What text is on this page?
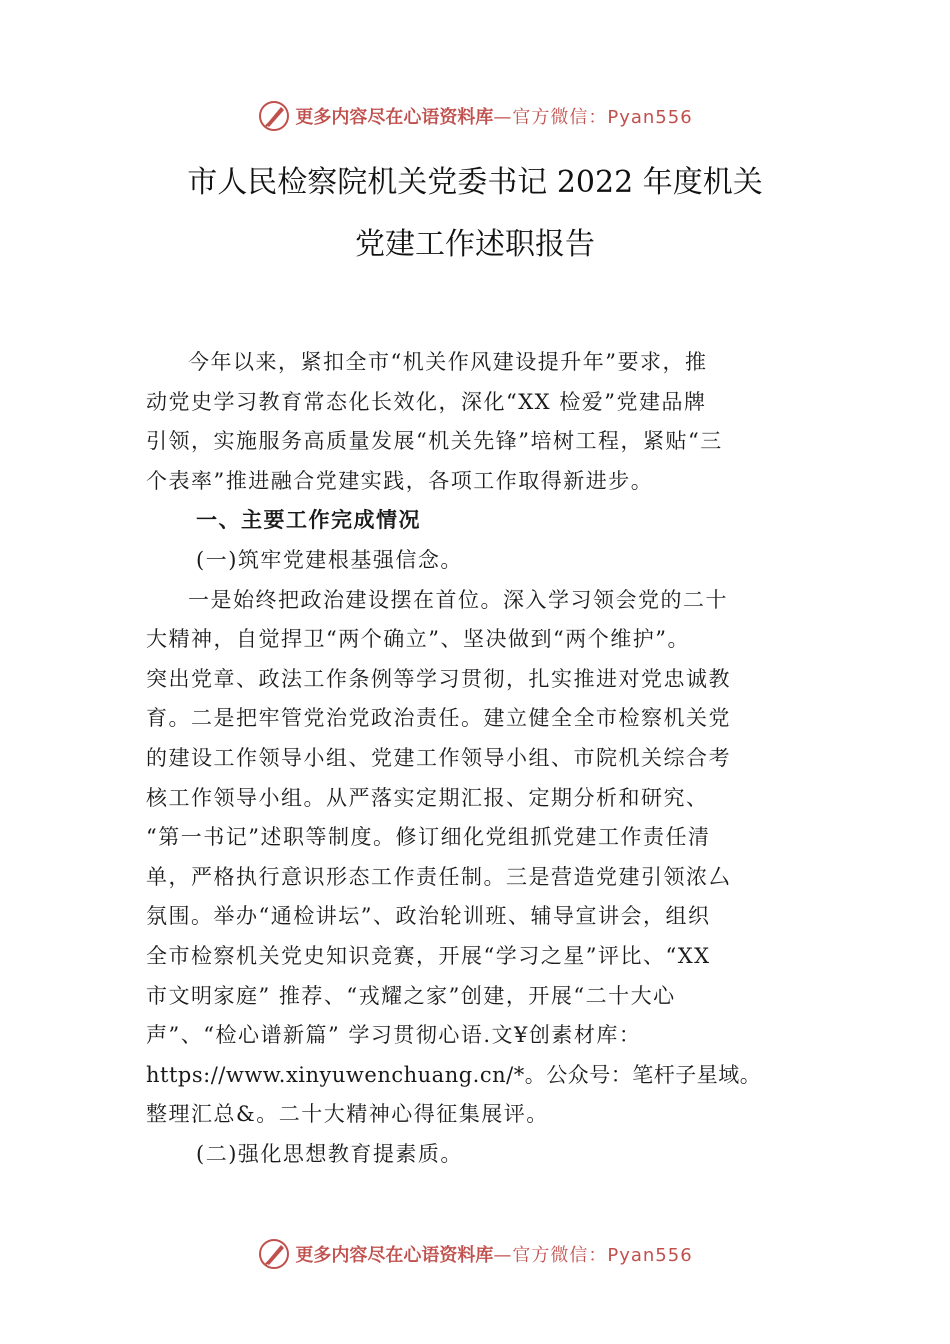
更多内容尽在心语资料库 —官方微信：Pyan556
市人民检察院机关党委书记 2022 年度机关
党建工作述职报告

今年以来，紧扣全市“机关作风建设提升年”要求，推
动党史学习教育常态化长效化，深化“XX 检爱”党建品牌
引领，实施服务高质量发展“机关先锋”培树工程，紧贴“三
个表率”推进融合党建实践，各项工作取得新进步。

一、主要工作完成情况

(一)筑牢党建根基强信念。

一是始终把政治建设摆在首位。深入学习领会党的二十
大精神，自觉捍卫“两个确立”、坚决做到“两个维护”。
突出党章、政法工作条例等学习贯彻，扎实推进对党忠诚教
育。二是把牢管党治党政治责任。建立健全全市检察机关党
的建设工作领导小组、党建工作领导小组、市院机关综合考
核工作领导小组。从严落实定期汇报、定期分析和研究、
“第一书记”述职等制度。修订细化党组抓党建工作责任清
单，严格执行意识形态工作责任制。三是营造党建引领浓厶
氛围。举办“通检讲坛”、政治轮训班、辅导宣讲会，组织
全市检察机关党史知识竞赛，开展“学习之星”评比、“XX
市文明家庭” 推荐、“戎耀之家”创建，开展“二十大心
声”、“检心谱新篇” 学习贯彻心语.文¥创素材库：
https://www.xinyuwenchuang.cn/*。公众号：笔杆子星域。
整理汇总&。二十大精神心得征集展评。

(二)强化思想教育提素质。

更多内容尽在心语资料库 —官方微信：Pyan556
